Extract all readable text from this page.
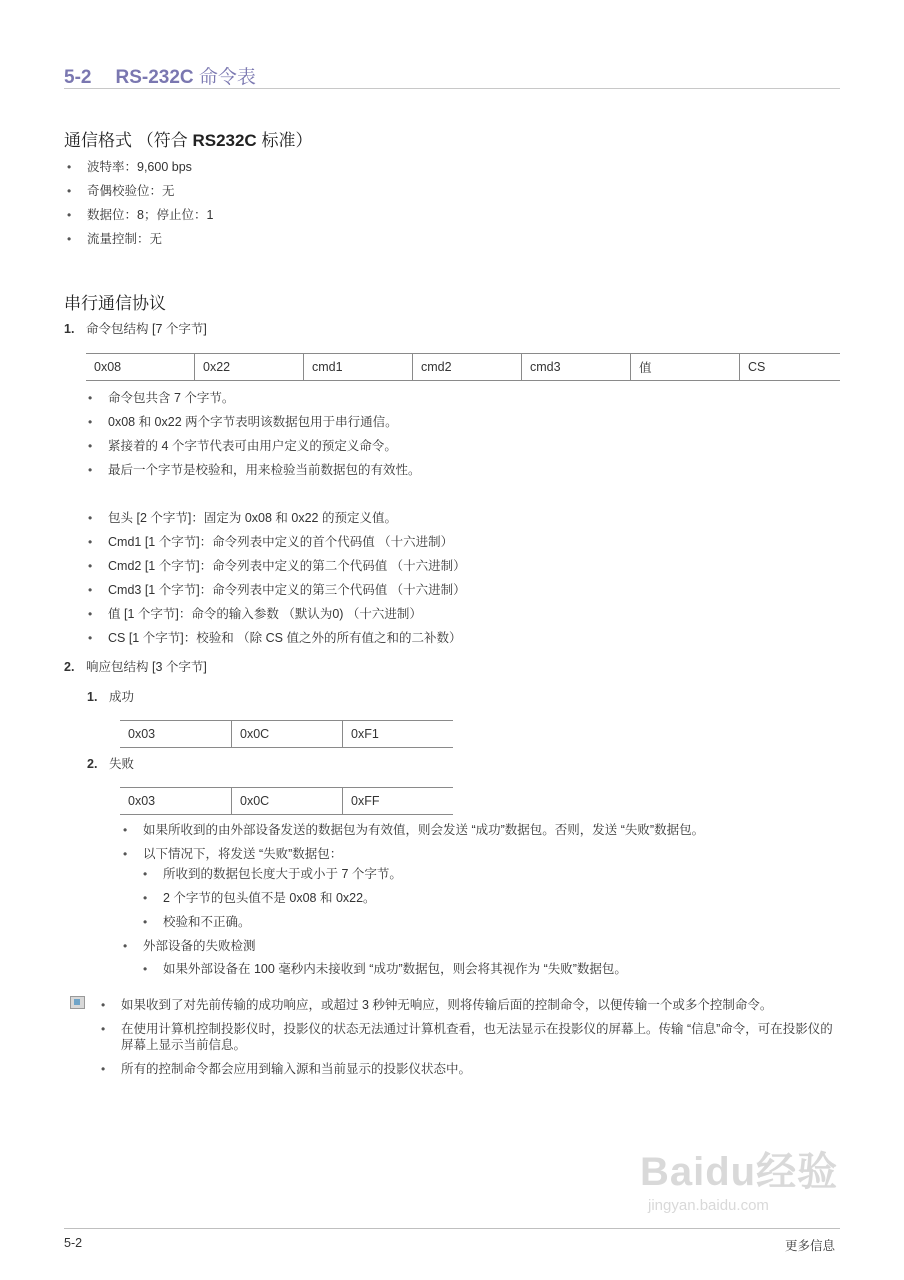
5-2 RS-232C 命令表
通信格式 （符合 RS232C 标准）
• 波特率：9,600 bps
• 奇偶校验位：无
• 数据位：8；停止位：1
• 流量控制：无
串行通信协议
1. 命令包结构 [7 个字节]
0x08	0x22	cmd1	cmd2	cmd3	值	CS
• 命令包共含 7 个字节。
• 0x08 和 0x22 两个字节表明该数据包用于串行通信。
• 紧接着的 4 个字节代表可由用户定义的预定义命令。
• 最后一个字节是校验和，用来检验当前数据包的有效性。
• 包头 [2 个字节]：固定为 0x08 和 0x22 的预定义值。
• Cmd1 [1 个字节]：命令列表中定义的首个代码值 （十六进制）
• Cmd2 [1 个字节]：命令列表中定义的第二个代码值 （十六进制）
• Cmd3 [1 个字节]：命令列表中定义的第三个代码值 （十六进制）
• 值 [1 个字节]：命令的输入参数 （默认为0) （十六进制）
• CS [1 个字节]：校验和 （除 CS 值之外的所有值之和的二补数）
2. 响应包结构 [3 个字节]
1. 成功
0x03	0x0C	0xF1
2. 失败
0x03	0x0C	0xFF
• 如果所收到的由外部设备发送的数据包为有效值，则会发送 “成功”数据包。否则，发送 “失败”数据包。
• 以下情况下，将发送 “失败”数据包：
• 所收到的数据包长度大于或小于 7 个字节。
• 2 个字节的包头值不是 0x08 和 0x22。
• 校验和不正确。
• 外部设备的失败检测
• 如果外部设备在 100 毫秒内未接收到 “成功”数据包，则会将其视作为 “失败”数据包。
• 如果收到了对先前传输的成功响应，或超过 3 秒钟无响应，则将传输后面的控制命令，以便传输一个或多个控制命令。
• 在使用计算机控制投影仪时，投影仪的状态无法通过计算机查看，也无法显示在投影仪的屏幕上。传输 “信息”命令，可在投影仪的屏幕上显示当前信息。
• 所有的控制命令都会应用到输入源和当前显示的投影仪状态中。
Baidu经验
jingyan.baidu.com
5-2	更多信息
